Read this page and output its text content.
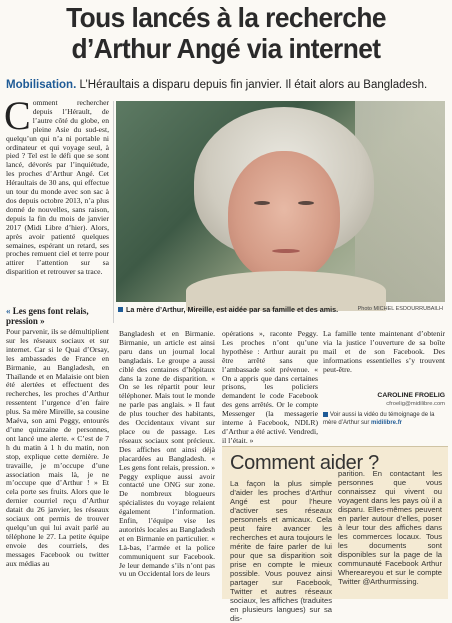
Tous lancés à la recherche
d’Arthur Angé via internet
Mobilisation. L’Héraultais a disparu depuis fin janvier. Il était alors au Bangladesh.
Comment rechercher depuis l’Hérault, de l’autre côté du globe, en pleine Asie du sud-est, quelqu’un qui n’a ni portable ni ordinateur et qui voyage seul, à pied ? Tel est le défi que se sont lancé, dévorés par l’inquiétude, les proches d’Arthur Angé. Cet Héraultais de 30 ans, qui effectue un tour du monde avec son sac à dos depuis octobre 2013, n’a plus donné de nouvelles, sans raison, depuis la fin du mois de janvier 2017 (Midi Libre d’hier). Alors, après avoir patienté quelques semaines, espérant un retard, ses proches remuent ciel et terre pour attirer l’attention sur sa disparition et retrouver sa trace.
La mère d’Arthur, Mireille, est aidée par sa famille et des amis.	Photo MICHEL ESDOURRUBAILH
« Les gens font relais, pression »

Pour parvenir, ils se démultiplient sur les réseaux sociaux et sur internet. Car si le Quai d’Orsay, les ambassades de France en Birmanie, au Bangladesh, en Thaïlande et en Malaisie ont bien été alertées et effectuent des recherches, les proches d’Arthur ressentent l’urgence d’en faire plus. Sa mère Mireille, sa cousine Maéva, son ami Peggy, entourés d’une quinzaine de personnes, ont lancé une alerte. « C’est de 7 h du matin à 1 h du matin, non stop, explique cette dernière. Je travaille, je m’occupe d’une association mais là, je ne m’occupe que d’Arthur ! » Et cela porte ses fruits. Alors que le dernier courriel reçu d’Arthur datait du 26 janvier, les réseaux sociaux ont permis de trouver quelqu’un qui lui avait parlé au téléphone le 27. La petite équipe envoie des courriels, des messages Facebook ou twitter aux médias au

Bangladesh et en Birmanie. Birmanie, un article est ainsi paru dans un journal local bangladais. Le groupe a aussi ciblé des centaines d’hôpitaux dans la zone de disparition. « On se les répartit pour leur téléphoner. Mais tout le monde ne parle pas anglais. » Il faut de plus toucher des habitants, des Occidentaux vivant sur place ou de passage. Les réseaux sociaux sont précieux. Des affiches ont ainsi déjà placardées au Bangladesh. « Les gens font relais, pression. » Peggy explique aussi avoir contacté une ONG sur zone. De nombreux blogueurs spécialistes du voyage relaient également l’information. Enfin, l’équipe vise les autorités locales au Bangladesh et en Birmanie en particulier. « Là-bas, l’armée et la police communiquent sur Facebook. Je leur demande s’ils n’ont pas vu un Occidental lors de leurs

opérations », raconte Peggy. Les proches n’ont qu’une hypothèse : Arthur aurait pu être arrêté sans que l’ambassade soit prévenue. « On a appris que dans certaines prisons, les policiers demandent le code Facebook des gens arrêtés. Or le compte Messenger (la messagerie interne à Facebook, NDLR) d’Arthur a été activé. Vendredi, il l’était. »

La famille tente maintenant d’obtenir via la justice l’ouverture de sa boîte mail et de son Facebook. Des informations essentielles s’y trouvent peut-être.

CAROLINE FROELIG
cfroelig@midilibre.com
Voir aussi la vidéo du témoignage de la mère d’Arthur sur midilibre.fr
Comment aider ?
La façon la plus simple d’aider les proches d’Arthur Angé est pour l’heure d’activer ses réseaux personnels et amicaux. Cela peut faire avancer les recherches et aura toujours le mérite de faire parler de lui pour que sa disparition soit prise en compte le mieux possible. Vous pouvez ainsi partager sur Facebook, Twitter et autres réseaux sociaux, les affiches (traduites en plusieurs langues) sur sa dis-
parition. En contactant les personnes que vous connaissez qui vivent ou voyagent dans les pays où il a disparu. Elles-mêmes peuvent en parler autour d’elles, poser à leur tour des affiches dans les commerces locaux. Tous les documents sont disponibles sur la page de la communauté Facebook Arthur Whereareyou et sur le compte Twitter @Arthurmissing.
